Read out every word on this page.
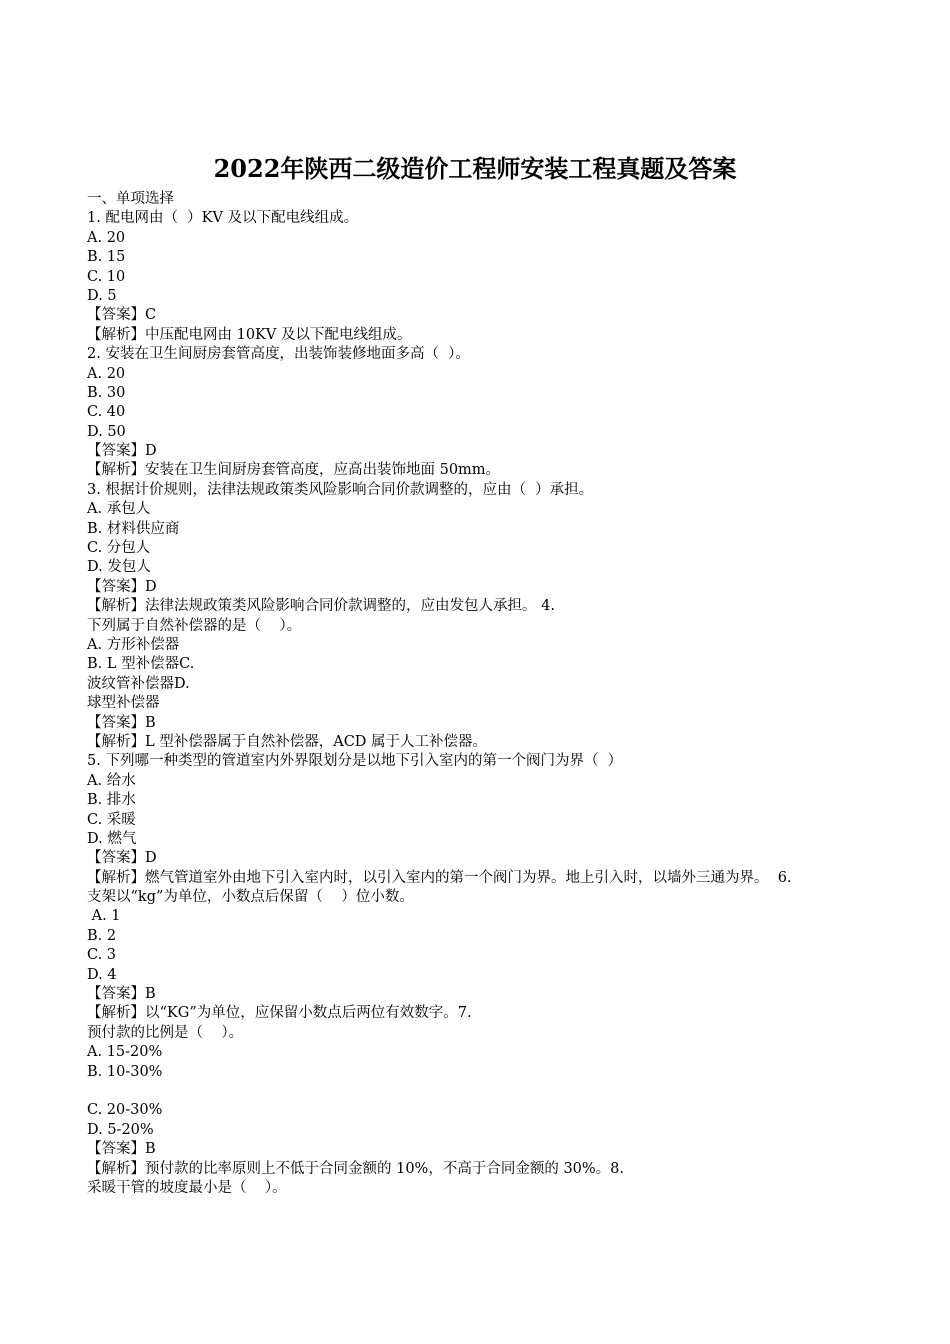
2022年陕西二级造价工程师安装工程真题及答案
一、单项选择
1. 配电网由（  ）KV 及以下配电线组成。
A. 20
B. 15
C. 10
D. 5
【答案】C
【解析】中压配电网由 10KV 及以下配电线组成。
2. 安装在卫生间厨房套管高度，出装饰装修地面多高（  ）。
A. 20
B. 30
C. 40
D. 50
【答案】D
【解析】安装在卫生间厨房套管高度，应高出装饰地面 50mm。
3. 根据计价规则，法律法规政策类风险影响合同价款调整的，应由（  ）承担。
A. 承包人
B. 材料供应商
C. 分包人
D. 发包人
【答案】D
【解析】法律法规政策类风险影响合同价款调整的，应由发包人承担。 4.
下列属于自然补偿器的是（    ）。
A. 方形补偿器
B. L 型补偿器C.
波纹管补偿器D.
球型补偿器
【答案】B
【解析】L 型补偿器属于自然补偿器，ACD 属于人工补偿器。
5. 下列哪一种类型的管道室内外界限划分是以地下引入室内的第一个阀门为界（  ）
A. 给水
B. 排水
C. 采暖
D. 燃气
【答案】D
【解析】燃气管道室外由地下引入室内时，以引入室内的第一个阀门为界。地上引入时，以墙外三通为界。  6.
支架以“kg”为单位，小数点后保留（    ）位小数。
A. 1
B. 2
C. 3
D. 4
【答案】B
【解析】以“KG”为单位，应保留小数点后两位有效数字。7.
预付款的比例是（    ）。
A. 15-20%
B. 10-30%
C. 20-30%
D. 5-20%
【答案】B
【解析】预付款的比率原则上不低于合同金额的 10%，不高于合同金额的 30%。8.
采暖干管的坡度最小是（    ）。
